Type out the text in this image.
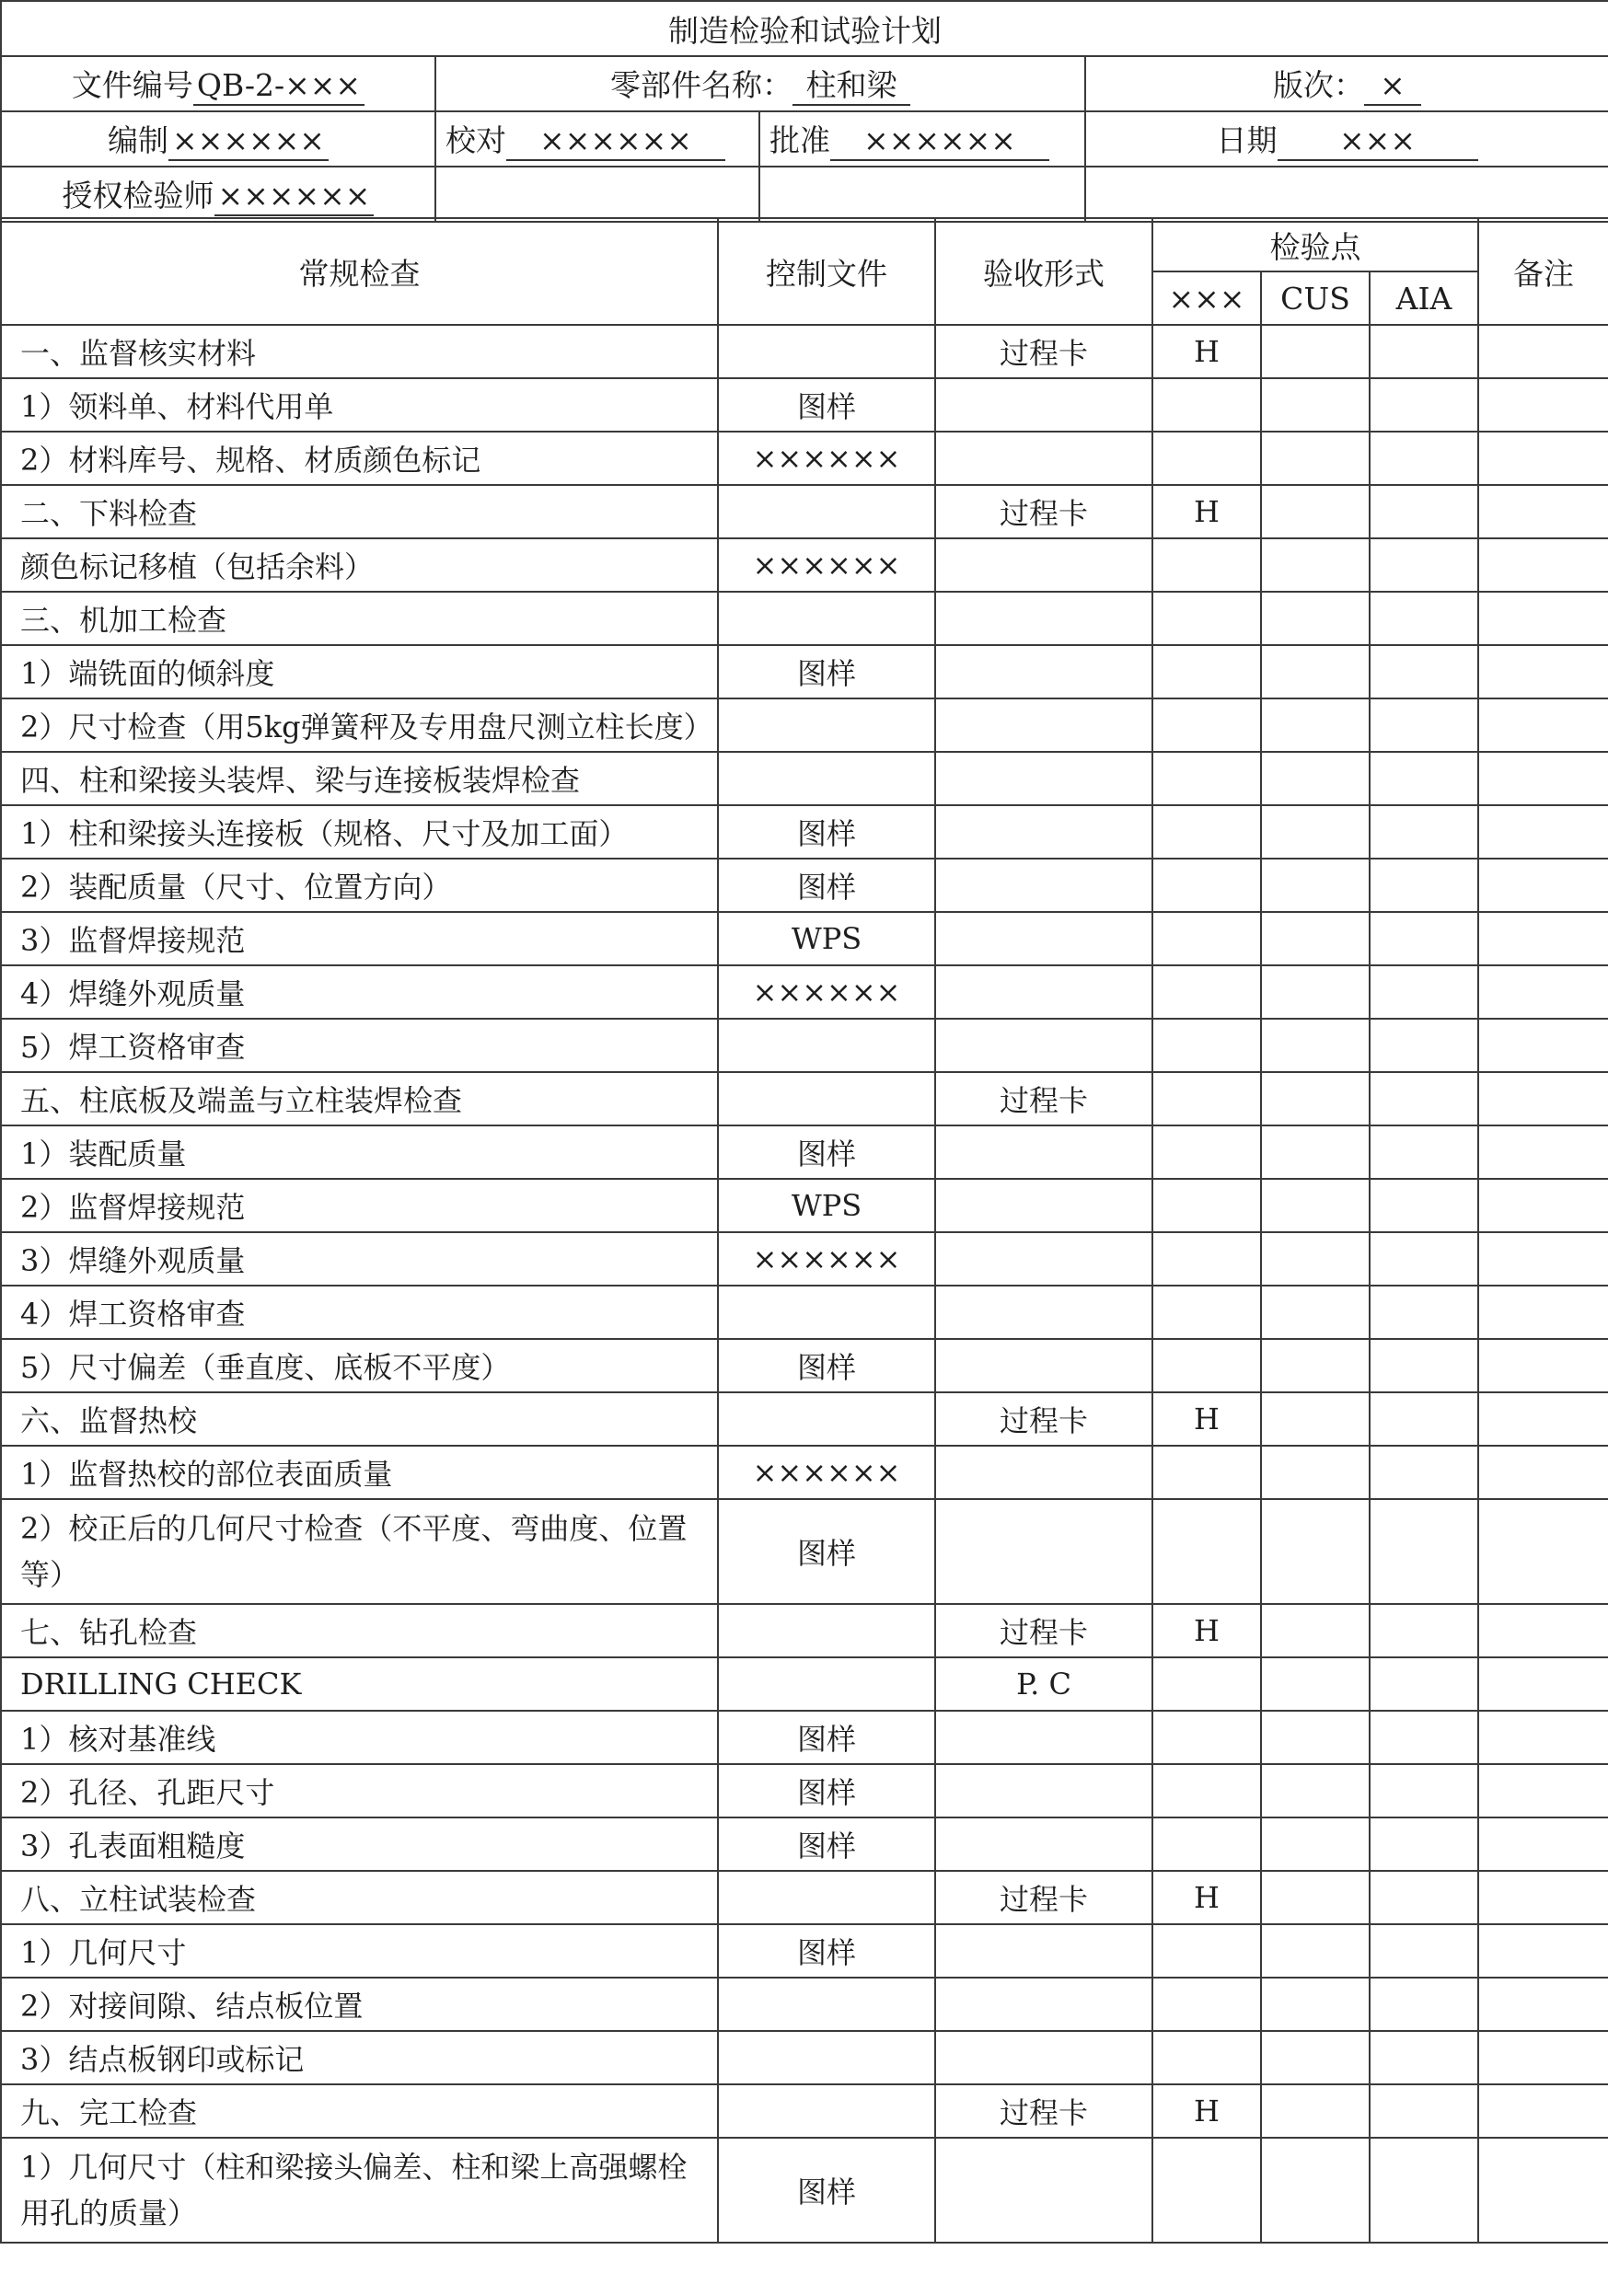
制造检验和试验计划			
文件编号 QB-2-×××	零部件名称： 柱和梁		版次： ×
编制 ××××××	校对 ××××××	批准 ××××××	日期 ×××
授权检验师 ××××××			
常规检查	控制文件	验收形式	检验点			备注
			×××	CUS	AIA	
一、监督核实材料		过程卡	H			
1）领料单、材料代用单	图样					
2）材料库号、规格、材质颜色标记	××××××					
二、下料检查		过程卡	H			
颜色标记移植（包括余料）	××××××					
三、机加工检查						
1）端铣面的倾斜度	图样					
2）尺寸检查（用5kg弹簧秤及专用盘尺测立柱长度）						
四、柱和梁接头装焊、梁与连接板装焊检查						
1）柱和梁接头连接板（规格、尺寸及加工面）	图样					
2）装配质量（尺寸、位置方向）	图样					
3）监督焊接规范	WPS					
4）焊缝外观质量	××××××					
5）焊工资格审查						
五、柱底板及端盖与立柱装焊检查		过程卡				
1）装配质量	图样					
2）监督焊接规范	WPS					
3）焊缝外观质量	××××××					
4）焊工资格审查						
5）尺寸偏差（垂直度、底板不平度）	图样					
六、监督热校		过程卡	H			
1）监督热校的部位表面质量	××××××					
2）校正后的几何尺寸检查（不平度、弯曲度、位置等）	图样					
七、钻孔检查		过程卡	H			
DRILLING CHECK		P. C				
1）核对基准线	图样					
2）孔径、孔距尺寸	图样					
3）孔表面粗糙度	图样					
八、立柱试装检查		过程卡	H			
1）几何尺寸	图样					
2）对接间隙、结点板位置						
3）结点板钢印或标记						
九、完工检查		过程卡	H			
1）几何尺寸（柱和梁接头偏差、柱和梁上高强螺栓用孔的质量）	图样					
